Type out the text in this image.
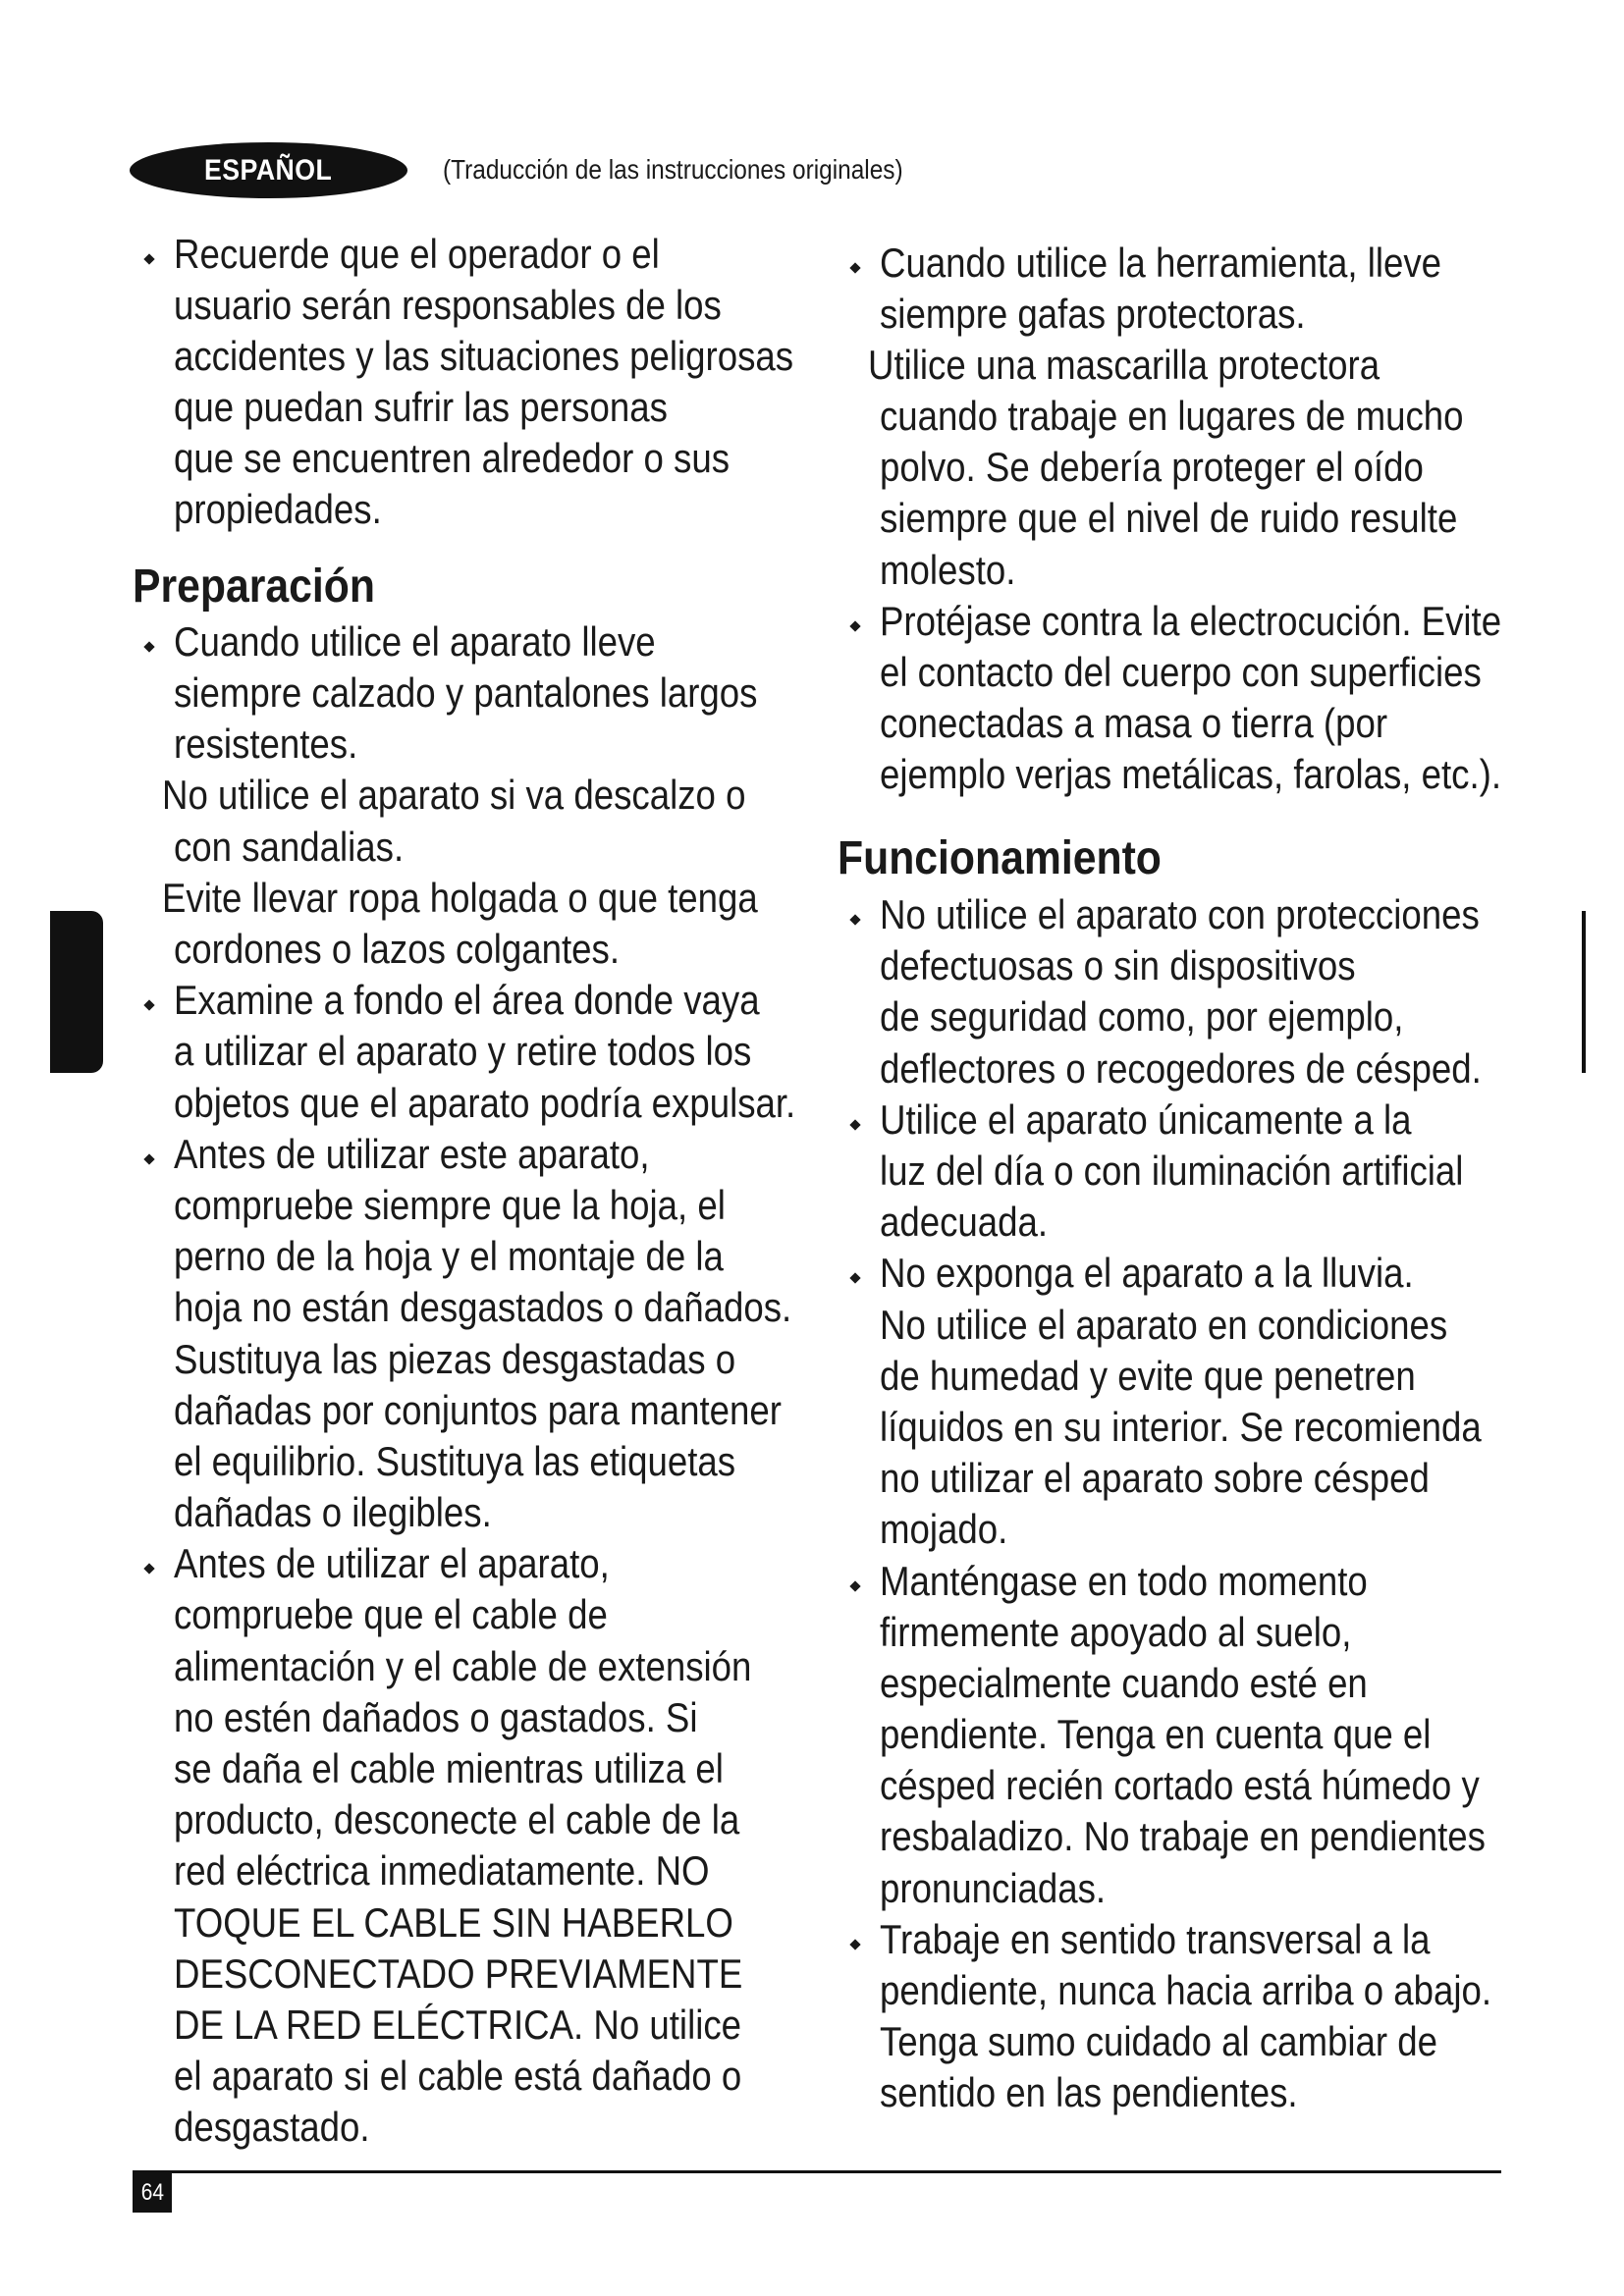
ESPAÑOL	(Traducción de las instrucciones originales)
Recuerde que el operador o el
usuario serán responsables de los
accidentes y las situaciones peligrosas
que puedan sufrir las personas
que se encuentren alrededor o sus
propiedades.
Preparación
Cuando utilice el aparato lleve
siempre calzado y pantalones largos
resistentes.
No utilice el aparato si va descalzo o
con sandalias.
Evite llevar ropa holgada o que tenga
cordones o lazos colgantes.
Examine a fondo el área donde vaya
a utilizar el aparato y retire todos los
objetos que el aparato podría expulsar.
Antes de utilizar este aparato,
compruebe siempre que la hoja, el
perno de la hoja y el montaje de la
hoja no están desgastados o dañados.
Sustituya las piezas desgastadas o
dañadas por conjuntos para mantener
el equilibrio. Sustituya las etiquetas
dañadas o ilegibles.
Antes de utilizar el aparato,
compruebe que el cable de
alimentación y el cable de extensión
no estén dañados o gastados. Si
se daña el cable mientras utiliza el
producto, desconecte el cable de la
red eléctrica inmediatamente. NO
TOQUE EL CABLE SIN HABERLO
DESCONECTADO PREVIAMENTE
DE LA RED ELÉCTRICA. No utilice
el aparato si el cable está dañado o
desgastado.
Cuando utilice la herramienta, lleve
siempre gafas protectoras.
Utilice una mascarilla protectora
cuando trabaje en lugares de mucho
polvo. Se debería proteger el oído
siempre que el nivel de ruido resulte
molesto.
Protéjase contra la electrocución. Evite
el contacto del cuerpo con superficies
conectadas a masa o tierra (por
ejemplo verjas metálicas, farolas, etc.).
Funcionamiento
No utilice el aparato con protecciones
defectuosas o sin dispositivos
de seguridad como, por ejemplo,
deflectores o recogedores de césped.
Utilice el aparato únicamente a la
luz del día o con iluminación artificial
adecuada.
No exponga el aparato a la lluvia.
No utilice el aparato en condiciones
de humedad y evite que penetren
líquidos en su interior. Se recomienda
no utilizar el aparato sobre césped
mojado.
Manténgase en todo momento
firmemente apoyado al suelo,
especialmente cuando esté en
pendiente. Tenga en cuenta que el
césped recién cortado está húmedo y
resbaladizo. No trabaje en pendientes
pronunciadas.
Trabaje en sentido transversal a la
pendiente, nunca hacia arriba o abajo.
Tenga sumo cuidado al cambiar de
sentido en las pendientes.
64
